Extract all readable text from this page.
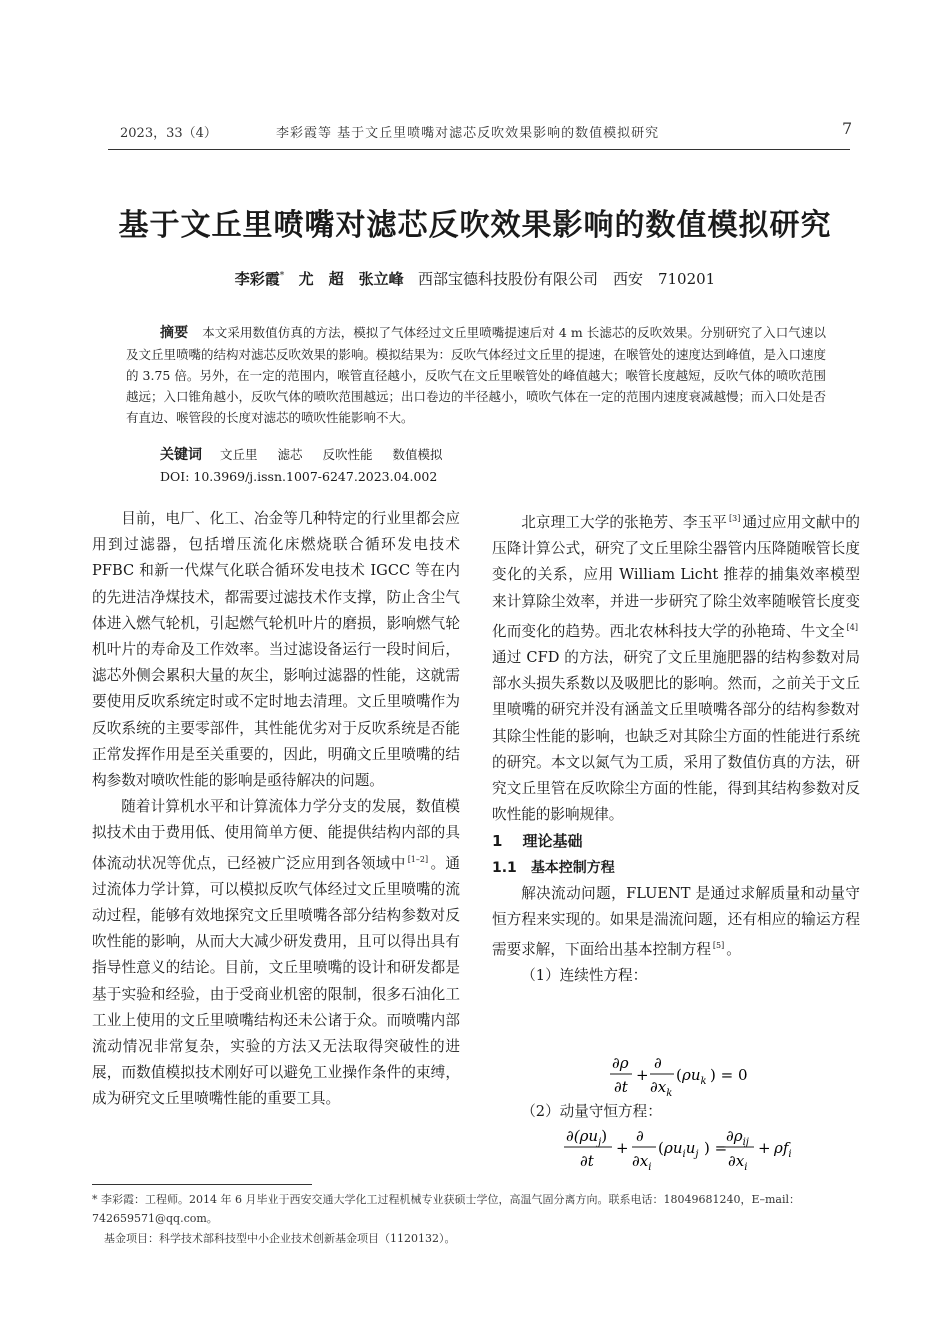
2023，33（4）	李彩霞等 基于文丘里喷嘴对滤芯反吹效果影响的数值模拟研究	7
基于文丘里喷嘴对滤芯反吹效果影响的数值模拟研究
李彩霞* 尤　超　张立峰 西部宝德科技股份有限公司　西安　710201
摘要 本文采用数值仿真的方法，模拟了气体经过文丘里喷嘴提速后对 4 m 长滤芯的反吹效果。分别研究了入口气速以及文丘里喷嘴的结构对滤芯反吹效果的影响。模拟结果为：反吹气体经过文丘里的提速，在喉管处的速度达到峰值，是入口速度的 3.75 倍。另外，在一定的范围内，喉管直径越小，反吹气在文丘里喉管处的峰值越大；喉管长度越短，反吹气体的喷吹范围越远；入口锥角越小，反吹气体的喷吹范围越远；出口卷边的半径越小，喷吹气体在一定的范围内速度衰减越慢；而入口处是否有直边、喉管段的长度对滤芯的喷吹性能影响不大。
关键词 文丘里 滤芯 反吹性能 数值模拟
DOI: 10.3969/j.issn.1007-6247.2023.04.002

目前，电厂、化工、冶金等几种特定的行业里都会应用到过滤器，包括增压流化床燃烧联合循环发电技术 PFBC 和新一代煤气化联合循环发电技术 IGCC 等在内的先进洁净煤技术，都需要过滤技术作支撑，防止含尘气体进入燃气轮机，引起燃气轮机叶片的磨损，影响燃气轮机叶片的寿命及工作效率。当过滤设备运行一段时间后，滤芯外侧会累积大量的灰尘，影响过滤器的性能，这就需要使用反吹系统定时或不定时地去清理。文丘里喷嘴作为反吹系统的主要零部件，其性能优劣对于反吹系统是否能正常发挥作用是至关重要的，因此，明确文丘里喷嘴的结构参数对喷吹性能的影响是亟待解决的问题。

随着计算机水平和计算流体力学分支的发展，数值模拟技术由于费用低、使用简单方便、能提供结构内部的具体流动状况等优点，已经被广泛应用到各领域中 [1–2] 。通过流体力学计算，可以模拟反吹气体经过文丘里喷嘴的流动过程，能够有效地探究文丘里喷嘴各部分结构参数对反吹性能的影响，从而大大减少研发费用，且可以得出具有指导性意义的结论。目前，文丘里喷嘴的设计和研发都是基于实验和经验，由于受商业机密的限制，很多石油化工工业上使用的文丘里喷嘴结构还未公诸于众。而喷嘴内部流动情况非常复杂，实验的方法又无法取得突破性的进展，而数值模拟技术刚好可以避免工业操作条件的束缚，成为研究文丘里喷嘴性能的重要工具。

北京理工大学的张艳芳、李玉平 [3] 通过应用文献中的压降计算公式，研究了文丘里除尘器管内压降随喉管长度变化的关系，应用 William Licht 推荐的捕集效率模型来计算除尘效率，并进一步研究了除尘效率随喉管长度变化而变化的趋势。西北农林科技大学的孙艳琦、牛文全 [4]通过 CFD 的方法，研究了文丘里施肥器的结构参数对局部水头损失系数以及吸肥比的影响。然而，之前关于文丘里喷嘴的研究并没有涵盖文丘里喷嘴各部分的结构参数对其除尘性能的影响，也缺乏对其除尘方面的性能进行系统的研究。本文以氮气为工质，采用了数值仿真的方法，研究文丘里管在反吹除尘方面的性能，得到其结构参数对反吹性能的影响规律。

1 理论基础

1.1 基本控制方程

解决流动问题，FLUENT 是通过求解质量和动量守恒方程来实现的。如果是湍流问题，还有相应的输运方程需要求解，下面给出基本控制方程 [5] 。

（1）连续性方程：

∂ρ
∂t
+
∂
$\partial x_k$
( $\rho u_k$ ) = 0

（2）动量守恒方程：

$\partial(\rho u_j)$
∂t
+
∂
$\partial x_i$
( $\rho u_iu_j$ ) =
$\partial\rho_{ij}$
$\partial x_i$
+ $\rho f_i$
* 李彩霞：工程师。2014 年 6 月毕业于西安交通大学化工过程机械专业获硕士学位，高温气固分离方向。联系电话：18049681240，E–mail：742659571@qq.com。
基金项目：科学技术部科技型中小企业技术创新基金项目（1120132）。
